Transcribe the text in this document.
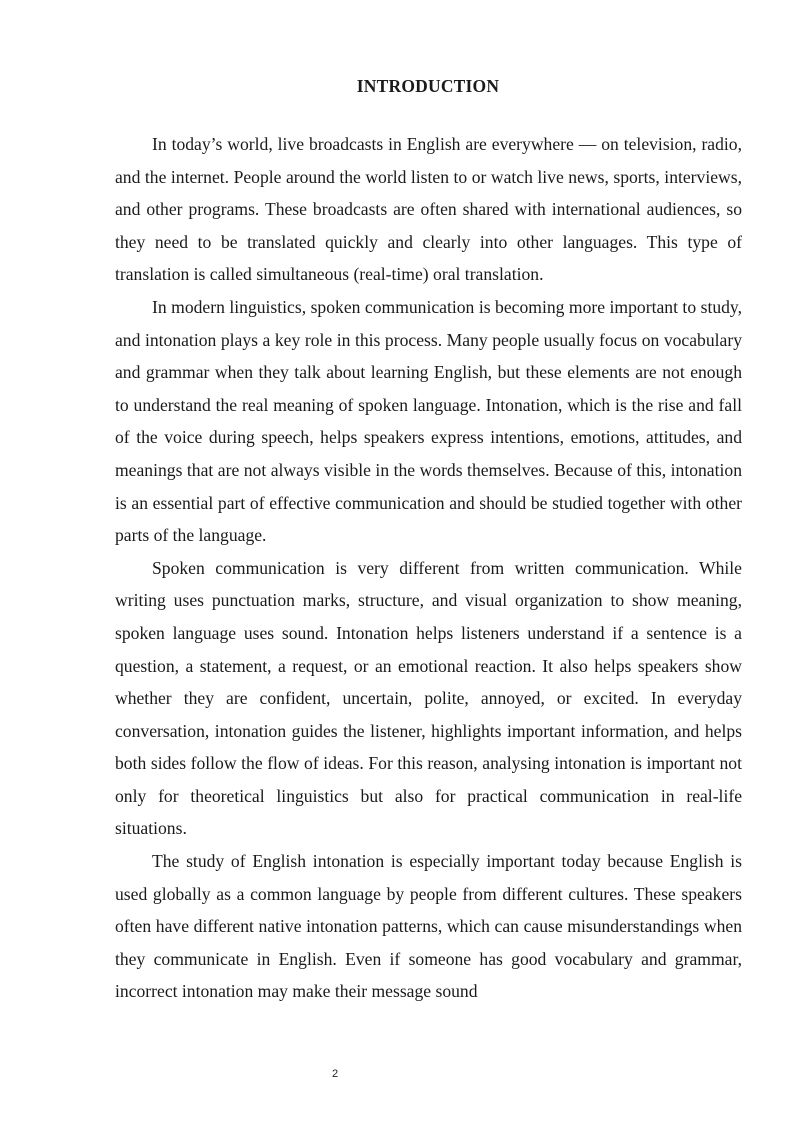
INTRODUCTION

In today’s world, live broadcasts in English are everywhere — on television, radio, and the internet. People around the world listen to or watch live news, sports, interviews, and other programs. These broadcasts are often shared with international audiences, so they need to be translated quickly and clearly into other languages. This type of translation is called simultaneous (real-time) oral translation.

In modern linguistics, spoken communication is becoming more important to study, and intonation plays a key role in this process. Many people usually focus on vocabulary and grammar when they talk about learning English, but these elements are not enough to understand the real meaning of spoken language. Intonation, which is the rise and fall of the voice during speech, helps speakers express intentions, emotions, attitudes, and meanings that are not always visible in the words themselves. Because of this, intonation is an essential part of effective communication and should be studied together with other parts of the language.

Spoken communication is very different from written communication. While writing uses punctuation marks, structure, and visual organization to show meaning, spoken language uses sound. Intonation helps listeners understand if a sentence is a question, a statement, a request, or an emotional reaction. It also helps speakers show whether they are confident, uncertain, polite, annoyed, or excited. In everyday conversation, intonation guides the listener, highlights important information, and helps both sides follow the flow of ideas. For this reason, analysing intonation is important not only for theoretical linguistics but also for practical communication in real-life situations.

The study of English intonation is especially important today because English is used globally as a common language by people from different cultures. These speakers often have different native intonation patterns, which can cause misunderstandings when they communicate in English. Even if someone has good vocabulary and grammar, incorrect intonation may make their message sound

2
